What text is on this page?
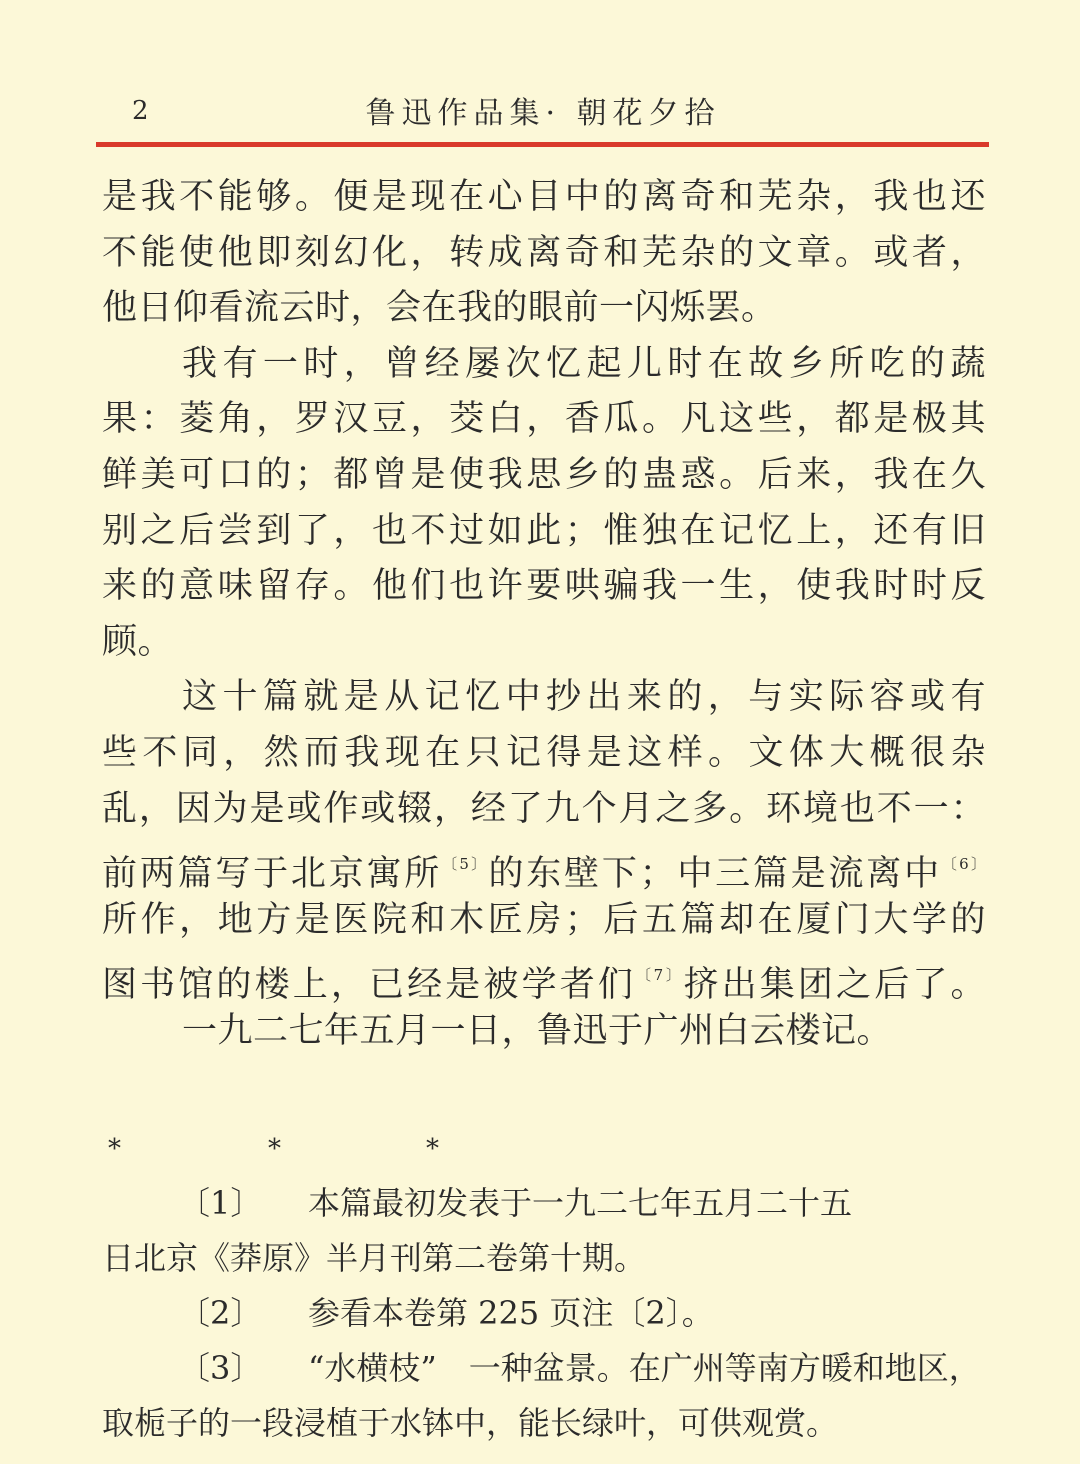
2	鲁迅作品集· 朝花夕拾
是我不能够。便是现在心目中的离奇和芜杂，我也还
不能使他即刻幻化，转成离奇和芜杂的文章。或者，
他日仰看流云时，会在我的眼前一闪烁罢。
我有一时，曾经屡次忆起儿时在故乡所吃的蔬
果：菱角，罗汉豆，茭白，香瓜。凡这些，都是极其
鲜美可口的；都曾是使我思乡的蛊惑。后来，我在久
别之后尝到了，也不过如此；惟独在记忆上，还有旧
来的意味留存。他们也许要哄骗我一生，使我时时反
顾。
这十篇就是从记忆中抄出来的，与实际容或有
些不同，然而我现在只记得是这样。文体大概很杂
乱，因为是或作或辍，经了九个月之多。环境也不一：
前两篇写于北京寓所$^{〔5〕}$的东壁下；中三篇是流离中$^{〔6〕}$
所作，地方是医院和木匠房；后五篇却在厦门大学的
图书馆的楼上，已经是被学者们$^{〔7〕}$挤出集团之后了。
一九二七年五月一日，鲁迅于广州白云楼记。
*	*	*
〔1〕 本篇最初发表于一九二七年五月二十五
日北京《莽原》半月刊第二卷第十期。
〔2〕 参看本卷第 225 页注〔2〕。
〔3〕 “水横枝”　一种盆景。在广州等南方暖和地区，
取栀子的一段浸植于水钵中，能长绿叶，可供观赏。
